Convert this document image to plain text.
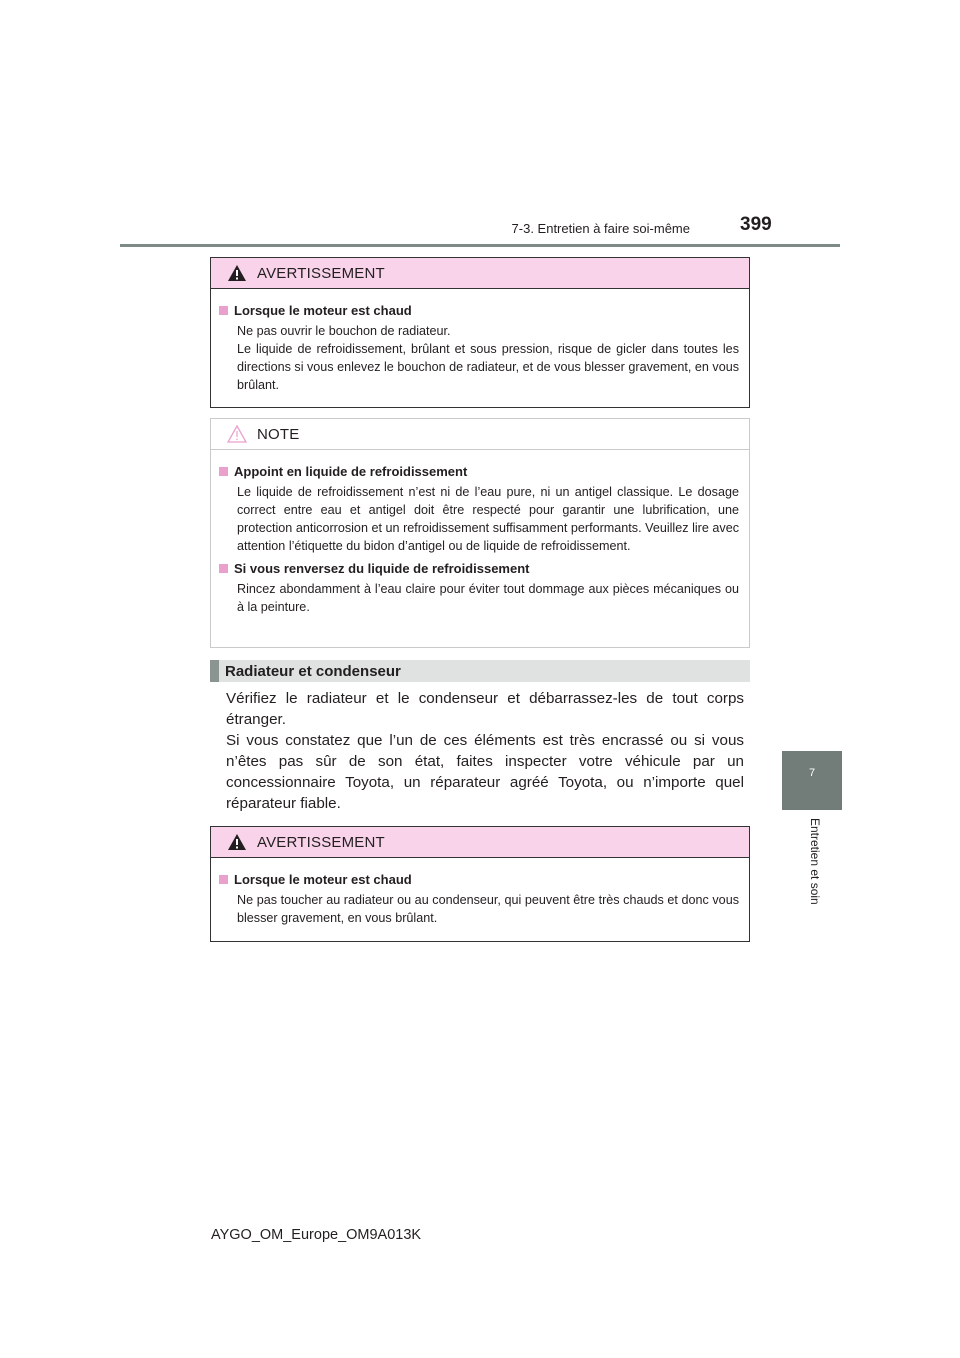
7-3. Entretien à faire soi-même	399
7
Entretien et soin
AVERTISSEMENT
Lorsque le moteur est chaud
Ne pas ouvrir le bouchon de radiateur.
Le liquide de refroidissement, brûlant et sous pression, risque de gicler dans toutes les directions si vous enlevez le bouchon de radiateur, et de vous blesser gravement, en vous brûlant.
NOTE
Appoint en liquide de refroidissement
Le liquide de refroidissement n’est ni de l’eau pure, ni un antigel classique. Le dosage correct entre eau et antigel doit être respecté pour garantir une lubrification, une protection anticorrosion et un refroidissement suffisamment performants. Veuillez lire avec attention l’étiquette du bidon d’antigel ou de liquide de refroidissement.
Si vous renversez du liquide de refroidissement
Rincez abondamment à l’eau claire pour éviter tout dommage aux pièces mécaniques ou à la peinture.
Radiateur et condenseur

Vérifiez le radiateur et le condenseur et débarrassez-les de tout corps étranger.

Si vous constatez que l’un de ces éléments est très encrassé ou si vous n’êtes pas sûr de son état, faites inspecter votre véhicule par un concessionnaire Toyota, un réparateur agréé Toyota, ou n’importe quel réparateur fiable.

AVERTISSEMENT
Lorsque le moteur est chaud
Ne pas toucher au radiateur ou au condenseur, qui peuvent être très chauds et donc vous blesser gravement, en vous brûlant.
AYGO_OM_Europe_OM9A013K
